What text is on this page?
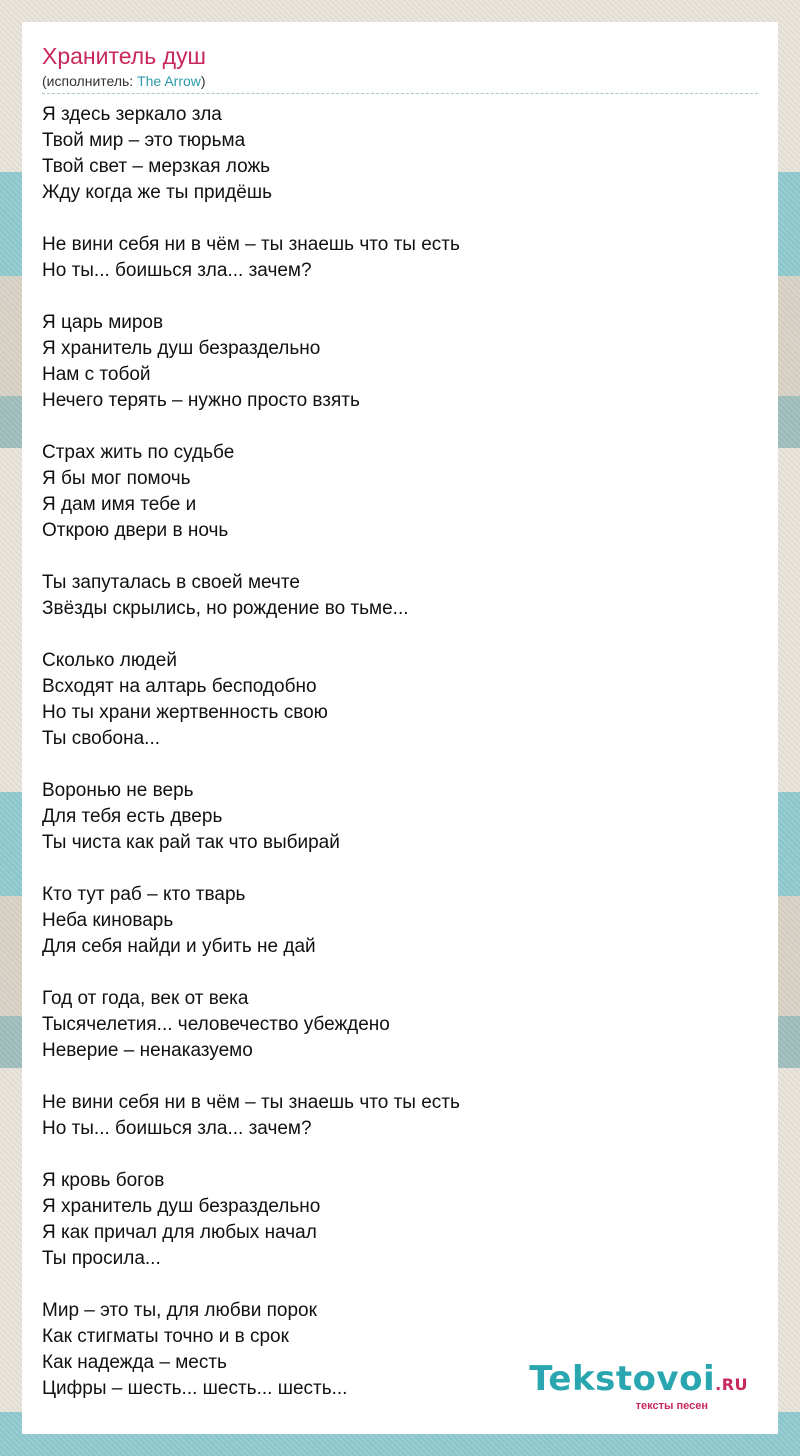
Хранитель душ
(исполнитель: The Arrow)
Я здесь зеркало зла
Твой мир – это тюрьма
Твой свет – мерзкая ложь
Жду когда же ты придёшь
Не вини себя ни в чём – ты знаешь что ты есть
Но ты... боишься зла... зачем?
Я царь миров
Я хранитель душ безраздельно
Нам с тобой
Нечего терять – нужно просто взять
Страх жить по судьбе
Я бы мог помочь
Я дам имя тебе и
Открою двери в ночь
Ты запуталась в своей мечте
Звёзды скрылись, но рождение во тьме...
Сколько людей
Всходят на алтарь бесподобно
Но ты храни жертвенность свою
Ты свобона...
Воронью не верь
Для тебя есть дверь
Ты чиста как рай так что выбирай
Кто тут раб – кто тварь
Неба киноварь
Для себя найди и убить не дай
Год от года, век от века
Тысячелетия... человечество убеждено
Неверие – ненаказуемо
Не вини себя ни в чём – ты знаешь что ты есть
Но ты... боишься зла... зачем?
Я кровь богов
Я хранитель душ безраздельно
Я как причал для любых начал
Ты просила...
Мир – это ты, для любви порок
Как стигматы точно и в срок
Как надежда – месть
Цифры – шесть... шесть... шесть...	Tekstovoi.RU
тексты песен
